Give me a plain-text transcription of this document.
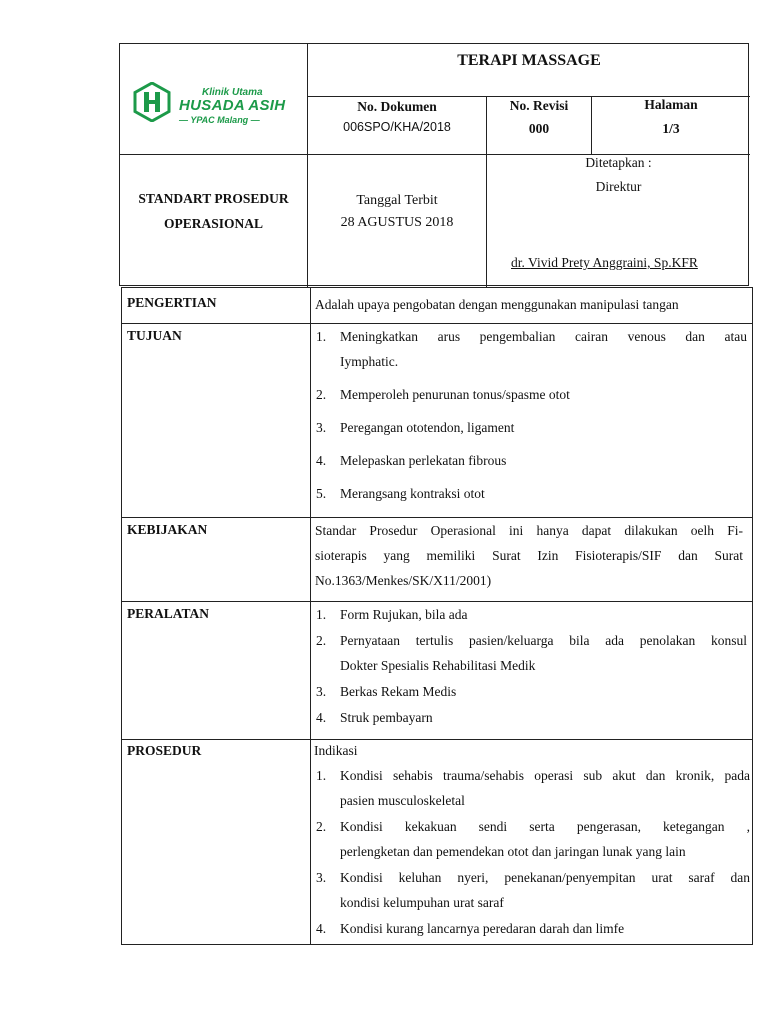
Klinik Utama
HUSADA ASIH
— YPAC Malang —
TERAPI MASSAGE
No. Dokumen
006SPO/KHA/2018
No. Revisi
000
Halaman
1/3
STANDART PROSEDUR
OPERASIONAL
Tanggal Terbit
28 AGUSTUS 2018
Ditetapkan :
Direktur
dr. Vivid Prety Anggraini, Sp.KFR
PENGERTIAN	Adalah upaya pengobatan dengan menggunakan manipulasi tangan
TUJUAN	1. Meningkatkan arus pengembalian cairan venous dan atau
Iymphatic.
2. Memperoleh penurunan tonus/spasme otot
3. Peregangan ototendon, ligament
4. Melepaskan perlekatan fibrous
5. Merangsang kontraksi otot
KEBIJAKAN	Standar Prosedur Operasional ini hanya dapat dilakukan oelh Fi-
sioterapis yang memiliki Surat Izin Fisioterapis/SIF dan Surat
No.1363/Menkes/SK/X11/2001)
PERALATAN	1. Form Rujukan, bila ada
2. Pernyataan tertulis pasien/keluarga bila ada penolakan konsul
Dokter Spesialis Rehabilitasi Medik
3. Berkas Rekam Medis
4. Struk pembayarn
PROSEDUR	Indikasi
1. Kondisi sehabis trauma/sehabis operasi sub akut dan kronik, pada
pasien musculoskeletal
2. Kondisi kekakuan sendi serta pengerasan, ketegangan ,
perlengketan dan pemendekan otot dan jaringan lunak yang lain
3. Kondisi keluhan nyeri, penekanan/penyempitan urat saraf dan
kondisi kelumpuhan urat saraf
4. Kondisi kurang lancarnya peredaran darah dan limfe
